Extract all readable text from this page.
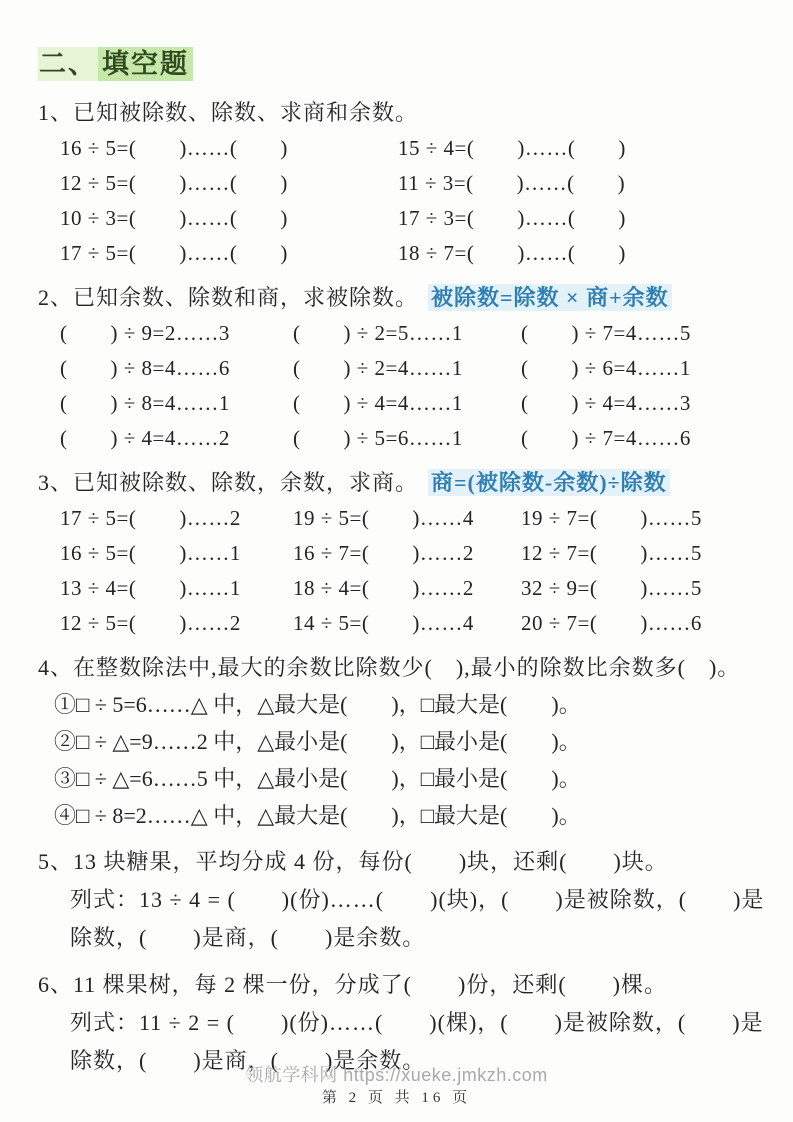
二、 填空题
1、已知被除数、除数、求商和余数。
16 ÷ 5=(　　)……(　　)	15 ÷ 4=(　　)……(　　)
12 ÷ 5=(　　)……(　　)	11 ÷ 3=(　　)……(　　)
10 ÷ 3=(　　)……(　　)	17 ÷ 3=(　　)……(　　)
17 ÷ 5=(　　)……(　　)	18 ÷ 7=(　　)……(　　)
2、已知余数、除数和商，求被除数。 被除数=除数 × 商+余数
(　　) ÷ 9=2……3	(　　) ÷ 2=5……1	(　　) ÷ 7=4……5
(　　) ÷ 8=4……6	(　　) ÷ 2=4……1	(　　) ÷ 6=4……1
(　　) ÷ 8=4……1	(　　) ÷ 4=4……1	(　　) ÷ 4=4……3
(　　) ÷ 4=4……2	(　　) ÷ 5=6……1	(　　) ÷ 7=4……6
3、已知被除数、除数，余数，求商。 商=(被除数-余数)÷除数
17 ÷ 5=(　　)……2	19 ÷ 5=(　　)……4	19 ÷ 7=(　　)……5
16 ÷ 5=(　　)……1	16 ÷ 7=(　　)……2	12 ÷ 7=(　　)……5
13 ÷ 4=(　　)……1	18 ÷ 4=(　　)……2	32 ÷ 9=(　　)……5
12 ÷ 5=(　　)……2	14 ÷ 5=(　　)……4	20 ÷ 7=(　　)……6
4、在整数除法中,最大的余数比除数少(　),最小的除数比余数多(　)。
①□ ÷ 5=6……△ 中，△最大是(　　)，□最大是(　　)。
②□ ÷ △=9……2 中，△最小是(　　)，□最小是(　　)。
③□ ÷ △=6……5 中，△最小是(　　)，□最小是(　　)。
④□ ÷ 8=2……△ 中，△最大是(　　)，□最大是(　　)。
5、13 块糖果，平均分成 4 份，每份(　　)块，还剩(　　)块。
列式：13 ÷ 4 = (　　)(份)……(　　)(块)，(　　)是被除数，(　　)是
除数，(　　)是商，(　　)是余数。
6、11 棵果树，每 2 棵一份，分成了(　　)份，还剩(　　)棵。
列式：11 ÷ 2 = (　　)(份)……(　　)(棵)，(　　)是被除数，(　　)是
除数，(　　)是商，(　　)是余数。
领航学科网 https://xueke.jmkzh.com
第 2 页 共 16 页
